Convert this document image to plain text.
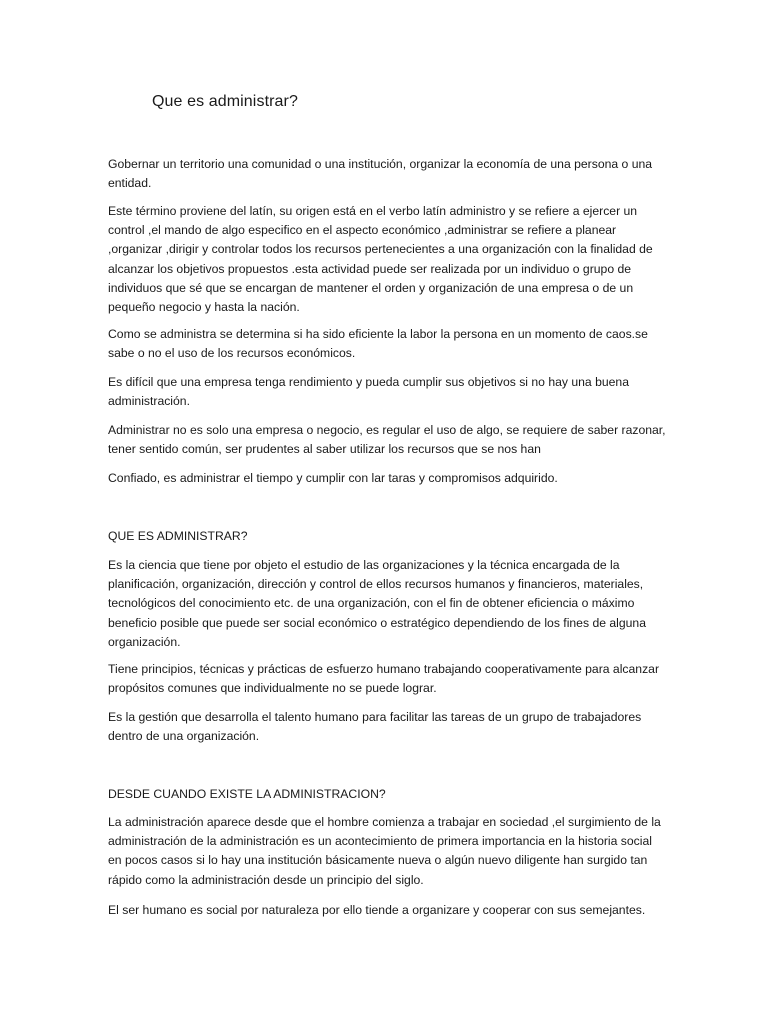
Que es administrar?

Gobernar un territorio una comunidad o una institución, organizar la economía de una persona o una entidad.

Este término proviene del latín, su origen está en el verbo latín administro y se refiere a ejercer un control ,el mando de algo especifico en el aspecto económico ,administrar se refiere a planear ,organizar ,dirigir y controlar todos los recursos pertenecientes a una organización con la finalidad de alcanzar los objetivos propuestos .esta actividad puede ser realizada por un individuo o grupo de individuos que sé que se encargan de mantener el orden y organización de una empresa o de un pequeño negocio y hasta la nación.

Como se administra se determina si ha sido eficiente la labor la persona en un momento de caos.se sabe o no el uso de los recursos económicos.

Es difícil que una empresa tenga rendimiento y pueda cumplir sus objetivos si no hay una buena administración.

Administrar no es solo una empresa o negocio, es regular el uso de algo, se requiere de saber razonar, tener sentido común, ser prudentes al saber utilizar los recursos que se nos han

Confiado, es administrar el tiempo y cumplir con lar taras y compromisos adquirido.

QUE ES ADMINISTRAR?

Es la ciencia que tiene por objeto el estudio de las organizaciones y la técnica encargada de la planificación, organización, dirección y control de ellos recursos humanos y financieros, materiales, tecnológicos del conocimiento etc. de una organización, con el fin de obtener eficiencia o máximo beneficio posible que puede ser social económico o estratégico dependiendo de los fines de alguna organización.

Tiene principios, técnicas y prácticas de esfuerzo humano trabajando cooperativamente para alcanzar propósitos comunes que individualmente no se puede lograr.

Es la gestión que desarrolla el talento humano para facilitar las tareas de un grupo de trabajadores dentro de una organización.

DESDE CUANDO EXISTE LA ADMINISTRACION?

La administración aparece desde que el hombre comienza a trabajar en sociedad ,el surgimiento de la administración de la administración es un acontecimiento de primera importancia en la historia social en pocos casos si lo hay una institución básicamente nueva o algún nuevo diligente han surgido tan rápido como la administración desde un principio del siglo.

El ser humano es social por naturaleza por ello tiende a organizare y cooperar con sus semejantes.
